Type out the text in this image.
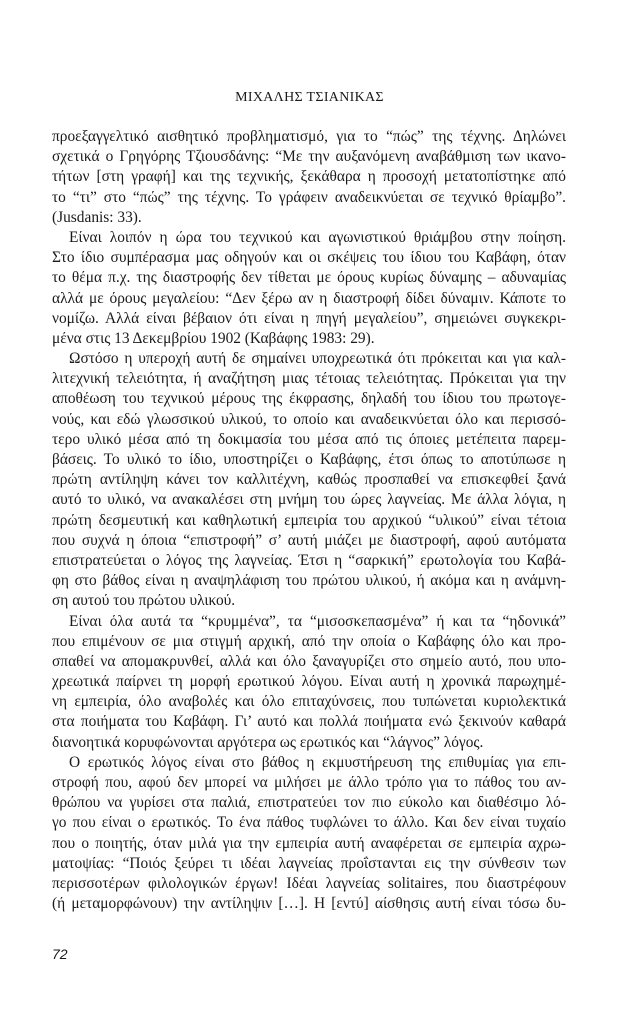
ΜΙΧΑΛΗΣ ΤΣΙΑΝΙΚΑΣ
προεξαγγελτικό αισθητικό προβληματισμό, για το “πώς” της τέχνης. Δηλώνει
σχετικά ο Γρηγόρης Τζιουσδάνης: “Με την αυξανόμενη αναβάθμιση των ικανο-
τήτων [στη γραφή] και της τεχνικής, ξεκάθαρα η προσοχή μετατοπίστηκε από
το “τι” στο “πώς” της τέχνης. Το γράφειν αναδεικνύεται σε τεχνικό θρίαμβο”.
(Jusdanis: 33).
Είναι λοιπόν η ώρα του τεχνικού και αγωνιστικού θριάμβου στην ποίηση.
Στο ίδιο συμπέρασμα μας οδηγούν και οι σκέψεις του ίδιου του Καβάφη, όταν
το θέμα π.χ. της διαστροφής δεν τίθεται με όρους κυρίως δύναμης – αδυναμίας
αλλά με όρους μεγαλείου: “Δεν ξέρω αν η διαστροφή δίδει δύναμιν. Κάποτε το
νομίζω. Αλλά είναι βέβαιον ότι είναι η πηγή μεγαλείου”, σημειώνει συγκεκρι-
μένα στις 13 Δεκεμβρίου 1902 (Καβάφης 1983: 29).
Ωστόσο η υπεροχή αυτή δε σημαίνει υποχρεωτικά ότι πρόκειται και για καλ-
λιτεχνική τελειότητα, ή αναζήτηση μιας τέτοιας τελειότητας. Πρόκειται για την
αποθέωση του τεχνικού μέρους της έκφρασης, δηλαδή του ίδιου του πρωτογε-
νούς, και εδώ γλωσσικού υλικού, το οποίο και αναδεικνύεται όλο και περισσό-
τερο υλικό μέσα από τη δοκιμασία του μέσα από τις όποιες μετέπειτα παρεμ-
βάσεις. Το υλικό το ίδιο, υποστηρίζει ο Καβάφης, έτσι όπως το αποτύπωσε η
πρώτη αντίληψη κάνει τον καλλιτέχνη, καθώς προσπαθεί να επισκεφθεί ξανά
αυτό το υλικό, να ανακαλέσει στη μνήμη του ώρες λαγνείας. Με άλλα λόγια, η
πρώτη δεσμευτική και καθηλωτική εμπειρία του αρχικού “υλικού” είναι τέτοια
που συχνά η όποια “επιστροφή” σ’ αυτή μιάζει με διαστροφή, αφού αυτόματα
επιστρατεύεται ο λόγος της λαγνείας. Έτσι η “σαρκική” ερωτολογία του Καβά-
φη στο βάθος είναι η αναψηλάφιση του πρώτου υλικού, ή ακόμα και η ανάμνη-
ση αυτού του πρώτου υλικού.
Είναι όλα αυτά τα “κρυμμένα”, τα “μισοσκεπασμένα” ή και τα “ηδονικά”
που επιμένουν σε μια στιγμή αρχική, από την οποία ο Καβάφης όλο και προ-
σπαθεί να απομακρυνθεί, αλλά και όλο ξαναγυρίζει στο σημείο αυτό, που υπο-
χρεωτικά παίρνει τη μορφή ερωτικού λόγου. Είναι αυτή η χρονικά παρωχημέ-
νη εμπειρία, όλο αναβολές και όλο επιταχύνσεις, που τυπώνεται κυριολεκτικά
στα ποιήματα του Καβάφη. Γι’ αυτό και πολλά ποιήματα ενώ ξεκινούν καθαρά
διανοητικά κορυφώνονται αργότερα ως ερωτικός και “λάγνος” λόγος.
Ο ερωτικός λόγος είναι στο βάθος η εκμυστήρευση της επιθυμίας για επι-
στροφή που, αφού δεν μπορεί να μιλήσει με άλλο τρόπο για το πάθος του αν-
θρώπου να γυρίσει στα παλιά, επιστρατεύει τον πιο εύκολο και διαθέσιμο λό-
γο που είναι ο ερωτικός. Το ένα πάθος τυφλώνει το άλλο. Και δεν είναι τυχαίο
που ο ποιητής, όταν μιλά για την εμπειρία αυτή αναφέρεται σε εμπειρία αχρω-
ματοψίας: “Ποιός ξεύρει τι ιδέαι λαγνείας προΐστανται εις την σύνθεσιν των
περισσοτέρων φιλολογικών έργων! Ιδέαι λαγνείας solitaires, που διαστρέφουν
(ή μεταμορφώνουν) την αντίληψιν […]. Η [εντύ] αίσθησις αυτή είναι τόσω δυ-
72
